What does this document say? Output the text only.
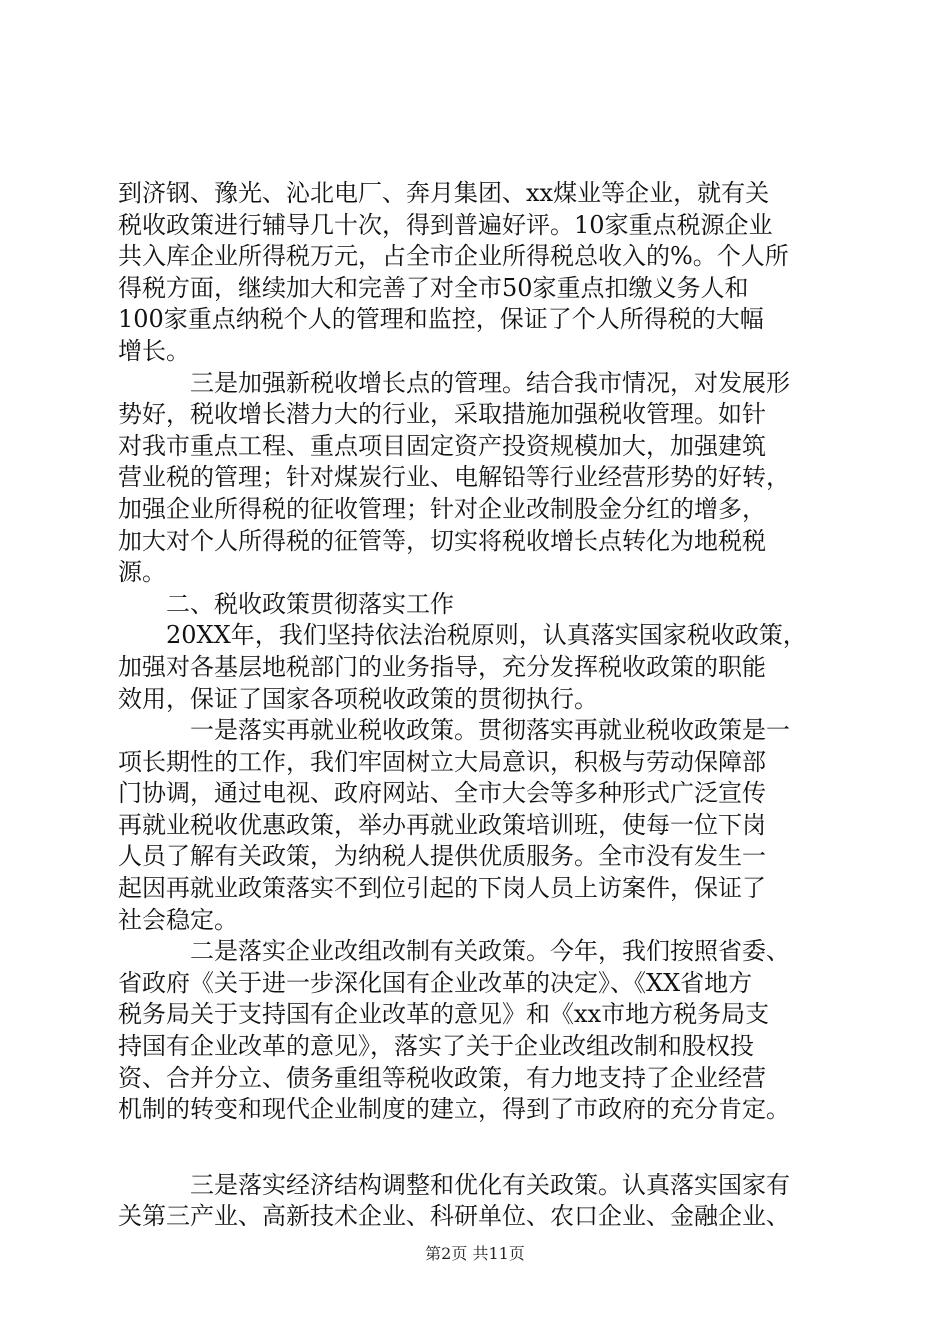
到济钢、豫光、沁北电厂、奔月集团、xx煤业等企业，就有关
税收政策进行辅导几十次，得到普遍好评。10家重点税源企业
共入库企业所得税万元，占全市企业所得税总收入的%。个人所
得税方面，继续加大和完善了对全市50家重点扣缴义务人和
100家重点纳税个人的管理和监控，保证了个人所得税的大幅
增长。
三是加强新税收增长点的管理。结合我市情况，对发展形
势好，税收增长潜力大的行业，采取措施加强税收管理。如针
对我市重点工程、重点项目固定资产投资规模加大，加强建筑
营业税的管理；针对煤炭行业、电解铅等行业经营形势的好转，
加强企业所得税的征收管理；针对企业改制股金分红的增多，
加大对个人所得税的征管等，切实将税收增长点转化为地税税
源。
二、税收政策贯彻落实工作
20XX年，我们坚持依法治税原则，认真落实国家税收政策，
加强对各基层地税部门的业务指导，充分发挥税收政策的职能
效用，保证了国家各项税收政策的贯彻执行。
一是落实再就业税收政策。贯彻落实再就业税收政策是一
项长期性的工作，我们牢固树立大局意识，积极与劳动保障部
门协调，通过电视、政府网站、全市大会等多种形式广泛宣传
再就业税收优惠政策，举办再就业政策培训班，使每一位下岗
人员了解有关政策，为纳税人提供优质服务。全市没有发生一
起因再就业政策落实不到位引起的下岗人员上访案件，保证了
社会稳定。
二是落实企业改组改制有关政策。今年，我们按照省委、
省政府《关于进一步深化国有企业改革的决定》、《XX省地方
税务局关于支持国有企业改革的意见》和《xx市地方税务局支
持国有企业改革的意见》，落实了关于企业改组改制和股权投
资、合并分立、债务重组等税收政策，有力地支持了企业经营
机制的转变和现代企业制度的建立，得到了市政府的充分肯定。
三是落实经济结构调整和优化有关政策。认真落实国家有
关第三产业、高新技术企业、科研单位、农口企业、金融企业、
第2页 共11页
